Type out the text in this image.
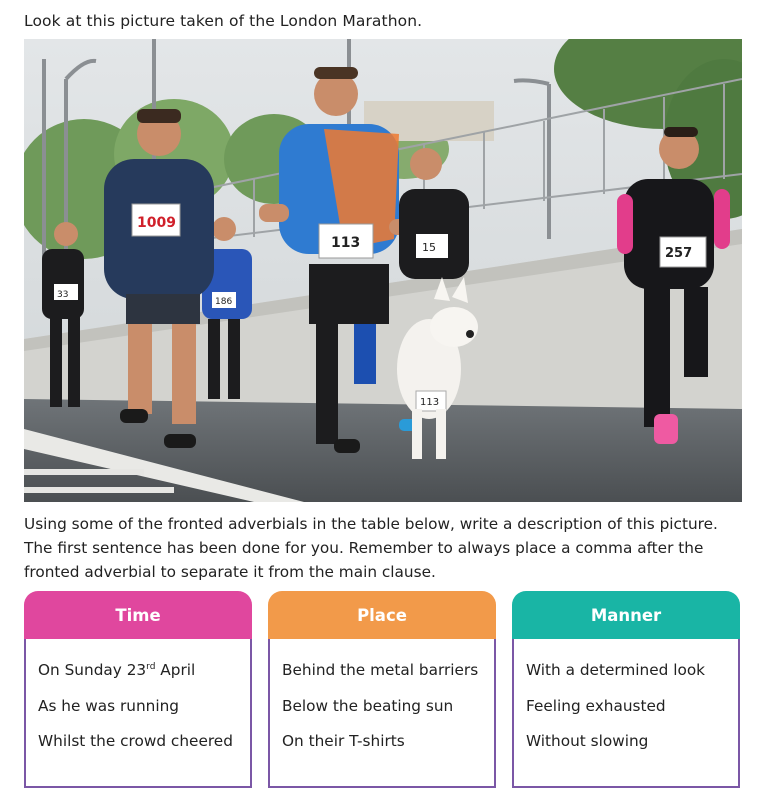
Look at this picture taken of the London Marathon.
33
186
1009
113	15
113
257
Using some of the fronted adverbials in the table below, write a description of this picture.
The first sentence has been done for you. Remember to always place a comma after the
fronted adverbial to separate it from the main clause.
Time
On Sunday 23rd April
As he was running
Whilst the crowd cheered
Place
Behind the metal barriers
Below the beating sun
On their T-shirts
Manner
With a determined look
Feeling exhausted
Without slowing
